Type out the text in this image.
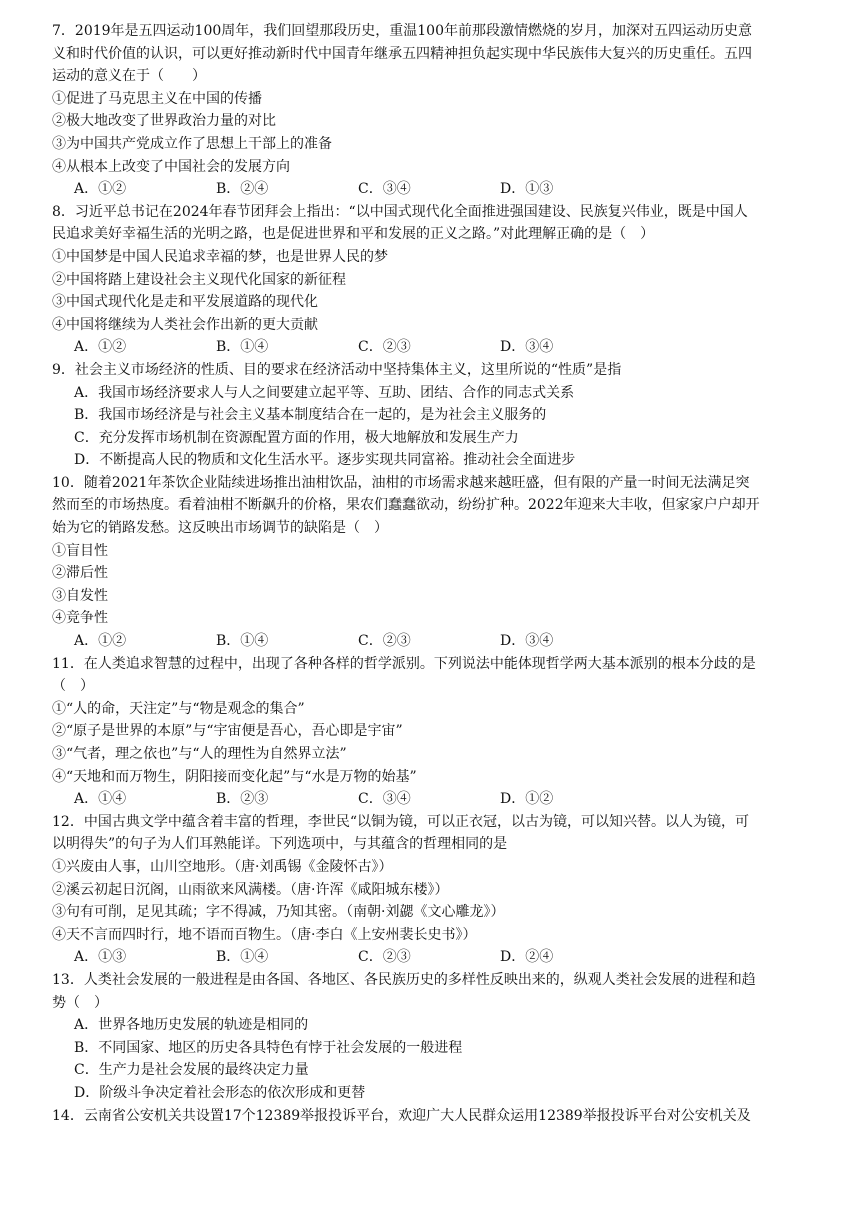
7．2019年是五四运动100周年，我们回望那段历史，重温100年前那段激情燃烧的岁月，加深对五四运动历史意
义和时代价值的认识，可以更好推动新时代中国青年继承五四精神担负起实现中华民族伟大复兴的历史重任。五四
运动的意义在于（　　）
①促进了马克思主义在中国的传播
②极大地改变了世界政治力量的对比
③为中国共产党成立作了思想上干部上的准备
④从根本上改变了中国社会的发展方向
A．①②	B．②④	C．③④	D．①③
8．习近平总书记在2024年春节团拜会上指出：“以中国式现代化全面推进强国建设、民族复兴伟业，既是中国人
民追求美好幸福生活的光明之路，也是促进世界和平和发展的正义之路。”对此理解正确的是（　）
①中国梦是中国人民追求幸福的梦，也是世界人民的梦
②中国将踏上建设社会主义现代化国家的新征程
③中国式现代化是走和平发展道路的现代化
④中国将继续为人类社会作出新的更大贡献
A．①②	B．①④	C．②③	D．③④
9．社会主义市场经济的性质、目的要求在经济活动中坚持集体主义，这里所说的“性质”是指
A．我国市场经济要求人与人之间要建立起平等、互助、团结、合作的同志式关系
B．我国市场经济是与社会主义基本制度结合在一起的，是为社会主义服务的
C．充分发挥市场机制在资源配置方面的作用，极大地解放和发展生产力
D．不断提高人民的物质和文化生活水平。逐步实现共同富裕。推动社会全面进步
10．随着2021年茶饮企业陆续进场推出油柑饮品，油柑的市场需求越来越旺盛，但有限的产量一时间无法满足突
然而至的市场热度。看着油柑不断飙升的价格，果农们蠢蠢欲动，纷纷扩种。2022年迎来大丰收，但家家户户却开
始为它的销路发愁。这反映出市场调节的缺陷是（　）
①盲目性
②滞后性
③自发性
④竞争性
A．①②	B．①④	C．②③	D．③④
11．在人类追求智慧的过程中，出现了各种各样的哲学派别。下列说法中能体现哲学两大基本派别的根本分歧的是
（　）
①“人的命，天注定”与“物是观念的集合”
②“原子是世界的本原”与“宇宙便是吾心，吾心即是宇宙”
③“气者，理之依也”与“人的理性为自然界立法”
④“天地和而万物生，阴阳接而变化起”与“水是万物的始基”
A．①④	B．②③	C．③④	D．①②
12．中国古典文学中蕴含着丰富的哲理，李世民“以铜为镜，可以正衣冠，以古为镜，可以知兴替。以人为镜，可
以明得失”的句子为人们耳熟能详。下列选项中，与其蕴含的哲理相同的是
①兴废由人事，山川空地形。（唐·刘禹锡《金陵怀古》）
②溪云初起日沉阁，山雨欲来风满楼。（唐·许浑《咸阳城东楼》）
③句有可削，足见其疏；字不得减，乃知其密。（南朝·刘勰《文心雕龙》）
④天不言而四时行，地不语而百物生。（唐·李白《上安州裴长史书》）
A．①③	B．①④	C．②③	D．②④
13．人类社会发展的一般进程是由各国、各地区、各民族历史的多样性反映出来的，纵观人类社会发展的进程和趋
势（　）
A．世界各地历史发展的轨迹是相同的
B．不同国家、地区的历史各具特色有悖于社会发展的一般进程
C．生产力是社会发展的最终决定力量
D．阶级斗争决定着社会形态的依次形成和更替
14．云南省公安机关共设置17个12389举报投诉平台，欢迎广大人民群众运用12389举报投诉平台对公安机关及
